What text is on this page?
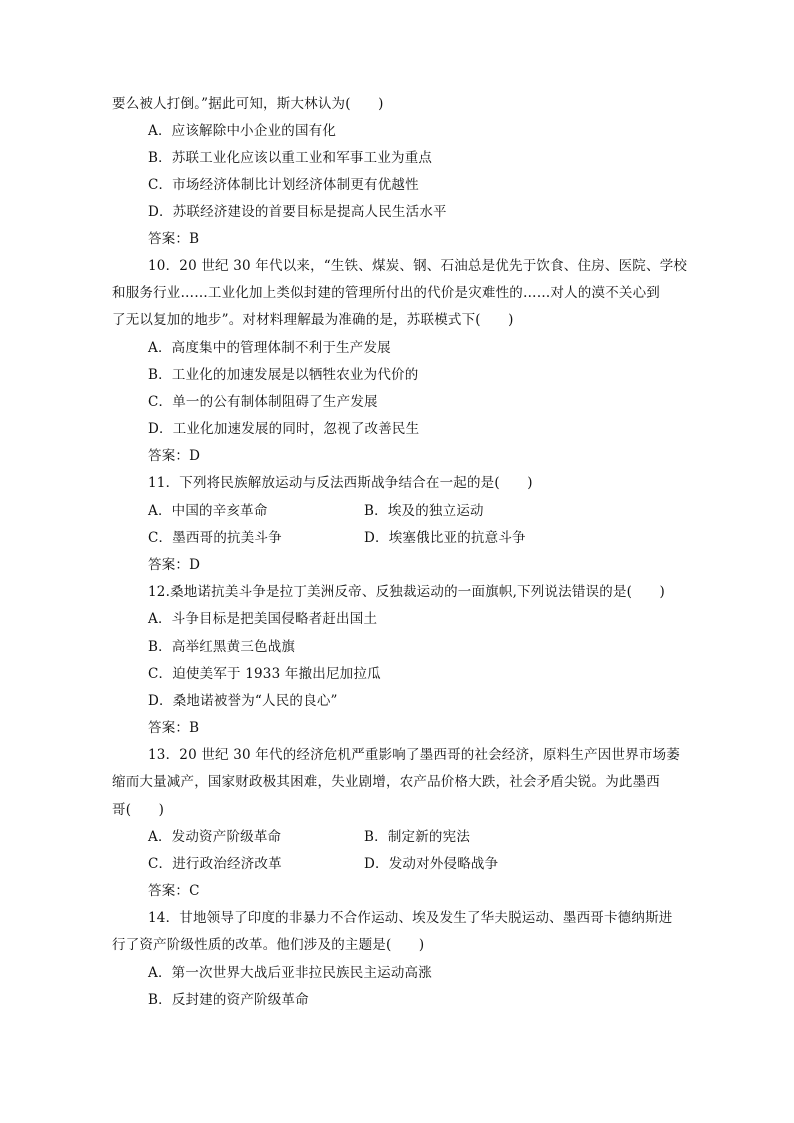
要么被人打倒。”据此可知，斯大林认为(　　)
A．应该解除中小企业的国有化
B．苏联工业化应该以重工业和军事工业为重点
C．市场经济体制比计划经济体制更有优越性
D．苏联经济建设的首要目标是提高人民生活水平
答案：B
10．20 世纪 30 年代以来，“生铁、煤炭、钢、石油总是优先于饮食、住房、医院、学校
和服务行业……工业化加上类似封建的管理所付出的代价是灾难性的……对人的漠不关心到
了无以复加的地步”。对材料理解最为准确的是，苏联模式下(　　)
A．高度集中的管理体制不利于生产发展
B．工业化的加速发展是以牺牲农业为代价的
C．单一的公有制体制阻碍了生产发展
D．工业化加速发展的同时，忽视了改善民生
答案：D
11．下列将民族解放运动与反法西斯战争结合在一起的是(　　)
A．中国的辛亥革命	B．埃及的独立运动
C．墨西哥的抗美斗争	D．埃塞俄比亚的抗意斗争
答案：D
12.桑地诺抗美斗争是拉丁美洲反帝、反独裁运动的一面旗帜,下列说法错误的是(　　)
A．斗争目标是把美国侵略者赶出国土
B．高举红黑黄三色战旗
C．迫使美军于 1933 年撤出尼加拉瓜
D．桑地诺被誉为“人民的良心”
答案：B
13．20 世纪 30 年代的经济危机严重影响了墨西哥的社会经济，原料生产因世界市场萎
缩而大量减产，国家财政极其困难，失业剧增，农产品价格大跌，社会矛盾尖锐。为此墨西
哥(　　)
A．发动资产阶级革命	B．制定新的宪法
C．进行政治经济改革	D．发动对外侵略战争
答案：C
14．甘地领导了印度的非暴力不合作运动、埃及发生了华夫脱运动、墨西哥卡德纳斯进
行了资产阶级性质的改革。他们涉及的主题是(　　)
A．第一次世界大战后亚非拉民族民主运动高涨
B．反封建的资产阶级革命
